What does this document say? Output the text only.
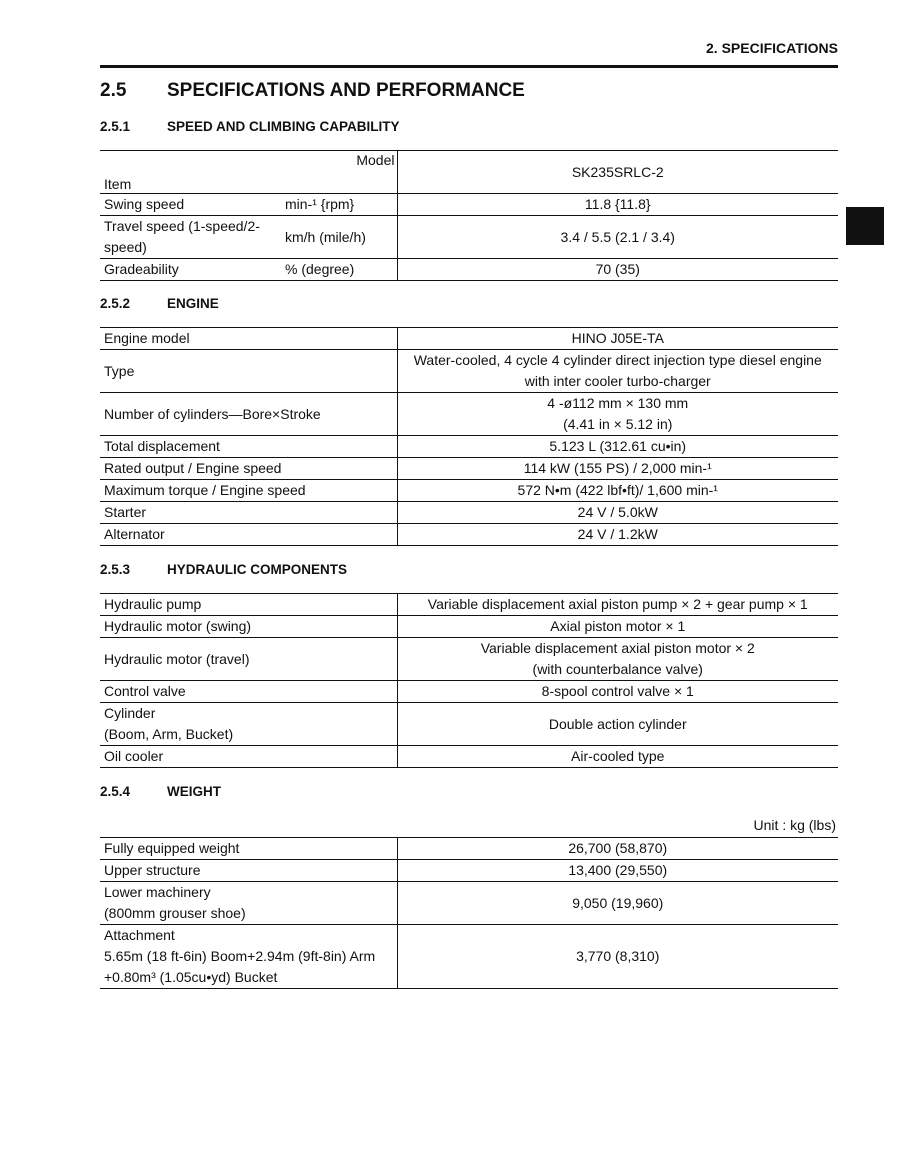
2. SPECIFICATIONS
2.5 SPECIFICATIONS AND PERFORMANCE
2.5.1	SPEED AND CLIMBING CAPABILITY
Model
Item		SK235SRLC-2
Swing speed	min-¹ {rpm}	11.8 {11.8}
Travel speed (1-speed/2-speed)	km/h (mile/h)	3.4 / 5.5 (2.1 / 3.4)
Gradeability	% (degree)	70 (35)
2.5.2	ENGINE
Engine model	HINO J05E-TA
Type	Water-cooled, 4 cycle 4 cylinder direct injection type diesel engine
with inter cooler turbo-charger

Number of cylinders—Bore×Stroke	4 -ø112 mm × 130 mm
(4.41 in × 5.12 in)

Total displacement	5.123 L (312.61 cu•in)
Rated output / Engine speed	114 kW (155 PS) / 2,000 min-¹
Maximum torque / Engine speed	572 N•m (422 lbf•ft)/ 1,600 min-¹
Starter	24 V / 5.0kW
Alternator	24 V / 1.2kW
2.5.3	HYDRAULIC COMPONENTS
Hydraulic pump	Variable displacement axial piston pump × 2 + gear pump × 1
Hydraulic motor (swing)	Axial piston motor × 1
Hydraulic motor (travel)	Variable displacement axial piston motor × 2
(with counterbalance valve)

Control valve	8-spool control valve × 1

Cylinder
(Boom, Arm, Bucket)	Double action cylinder
Oil cooler	Air-cooled type
2.5.4	WEIGHT
Unit : kg (lbs)
Fully equipped weight	26,700 (58,870)
Upper structure	13,400 (29,550)

Lower machinery
(800mm grouser shoe)	9,050 (19,960)

Attachment
5.65m (18 ft-6in) Boom+2.94m (9ft-8in) Arm
+0.80m³ (1.05cu•yd) Bucket	3,770 (8,310)
